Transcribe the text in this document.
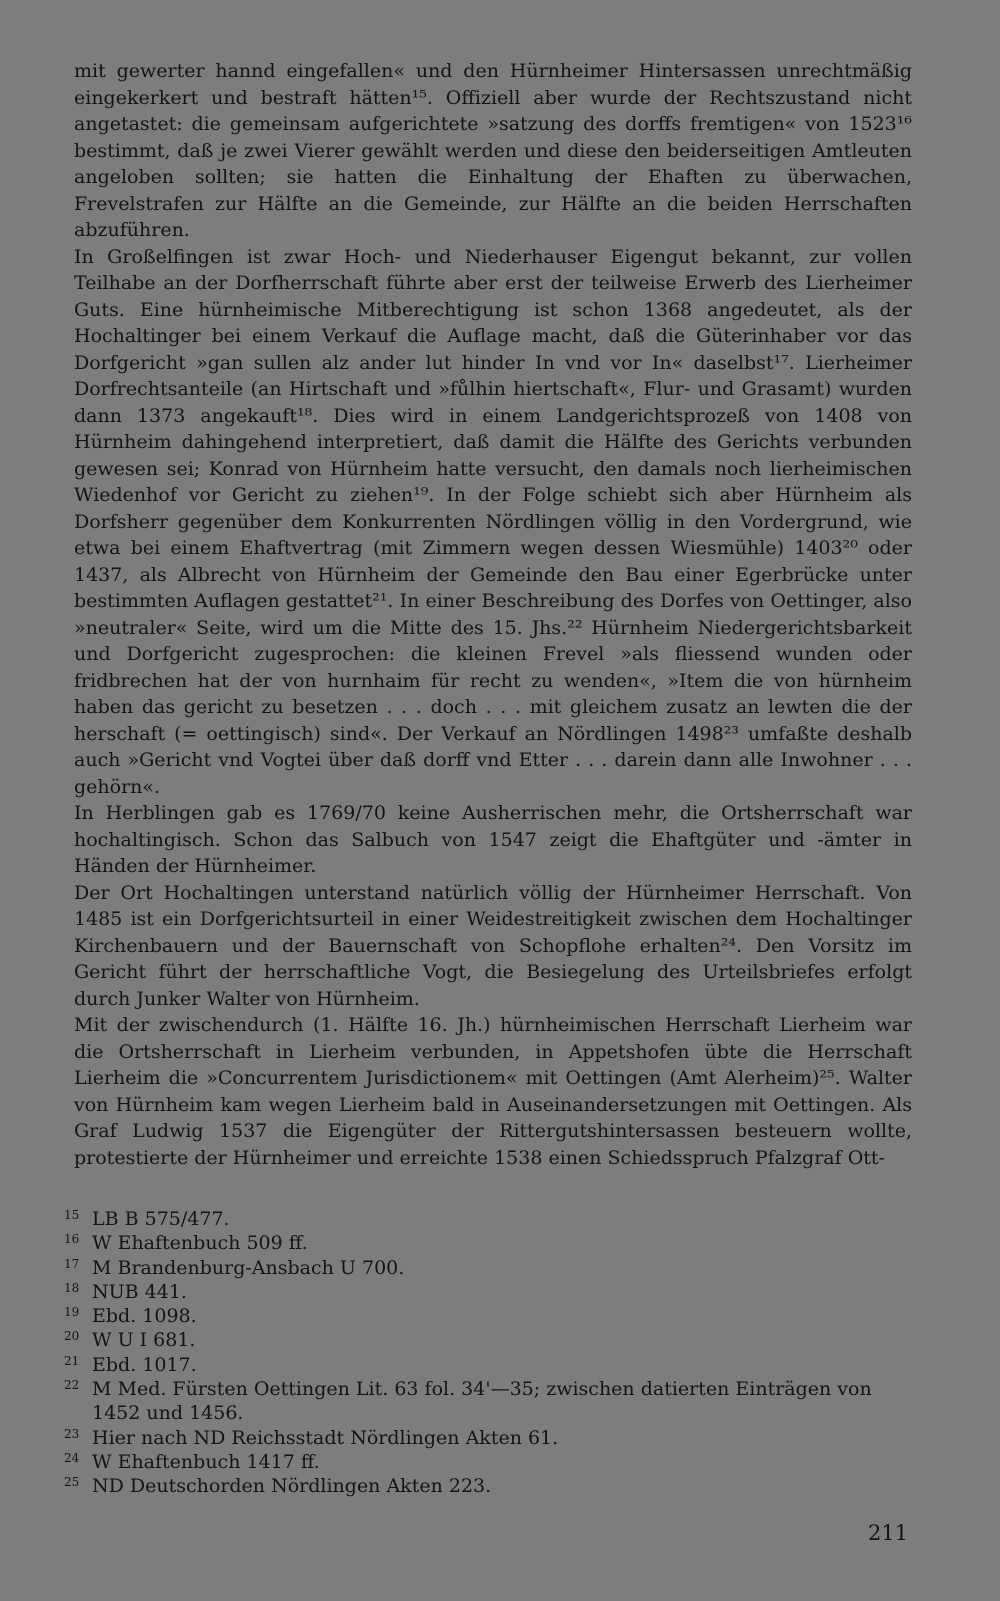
mit gewerter hannd eingefallen« und den Hürnheimer Hintersassen unrechtmäßig eingekerkert und bestraft hätten¹⁵. Offiziell aber wurde der Rechtszustand nicht angetastet: die gemeinsam aufgerichtete »satzung des dorffs fremtigen« von 1523¹⁶ bestimmt, daß je zwei Vierer gewählt werden und diese den beiderseitigen Amtleuten angeloben sollten; sie hatten die Einhaltung der Ehaften zu überwachen, Frevelstrafen zur Hälfte an die Gemeinde, zur Hälfte an die beiden Herrschaften abzuführen.

In Großelfingen ist zwar Hoch- und Niederhauser Eigengut bekannt, zur vollen Teilhabe an der Dorfherrschaft führte aber erst der teilweise Erwerb des Lierheimer Guts. Eine hürnheimische Mitberechtigung ist schon 1368 angedeutet, als der Hochaltinger bei einem Verkauf die Auflage macht, daß die Güterinhaber vor das Dorfgericht »gan sullen alz ander lut hinder In vnd vor In« daselbst¹⁷. Lierheimer Dorfrechtsanteile (an Hirtschaft und »fůlhin hiertschaft«, Flur- und Grasamt) wurden dann 1373 angekauft¹⁸. Dies wird in einem Landgerichtsprozeß von 1408 von Hürnheim dahingehend interpretiert, daß damit die Hälfte des Gerichts verbunden gewesen sei; Konrad von Hürnheim hatte versucht, den damals noch lierheimischen Wiedenhof vor Gericht zu ziehen¹⁹. In der Folge schiebt sich aber Hürnheim als Dorfsherr gegenüber dem Konkurrenten Nördlingen völlig in den Vordergrund, wie etwa bei einem Ehaftvertrag (mit Zimmern wegen dessen Wiesmühle) 1403²⁰ oder 1437, als Albrecht von Hürnheim der Gemeinde den Bau einer Egerbrücke unter bestimmten Auflagen gestattet²¹. In einer Beschreibung des Dorfes von Oettinger, also »neutraler« Seite, wird um die Mitte des 15. Jhs.²² Hürnheim Niedergerichtsbarkeit und Dorfgericht zugesprochen: die kleinen Frevel »als fliessend wunden oder fridbrechen hat der von hurnhaim für recht zu wenden«, »Item die von hürnheim haben das gericht zu besetzen . . . doch . . . mit gleichem zusatz an lewten die der herschaft (= oettingisch) sind«. Der Verkauf an Nördlingen 1498²³ umfaßte deshalb auch »Gericht vnd Vogtei über daß dorff vnd Etter . . . darein dann alle Inwohner . . . gehörn«.

In Herblingen gab es 1769/70 keine Ausherrischen mehr, die Ortsherrschaft war hochaltingisch. Schon das Salbuch von 1547 zeigt die Ehaftgüter und -ämter in Händen der Hürnheimer.

Der Ort Hochaltingen unterstand natürlich völlig der Hürnheimer Herrschaft. Von 1485 ist ein Dorfgerichtsurteil in einer Weidestreitigkeit zwischen dem Hochaltinger Kirchenbauern und der Bauernschaft von Schopflohe erhalten²⁴. Den Vorsitz im Gericht führt der herrschaftliche Vogt, die Besiegelung des Urteilsbriefes erfolgt durch Junker Walter von Hürnheim.

Mit der zwischendurch (1. Hälfte 16. Jh.) hürnheimischen Herrschaft Lierheim war die Ortsherrschaft in Lierheim verbunden, in Appetshofen übte die Herrschaft Lierheim die »Concurrentem Jurisdictionem« mit Oettingen (Amt Alerheim)²⁵. Walter von Hürnheim kam wegen Lierheim bald in Auseinandersetzungen mit Oettingen. Als Graf Ludwig 1537 die Eigengüter der Rittergutshintersassen besteuern wollte, protestierte der Hürnheimer und erreichte 1538 einen Schiedsspruch Pfalzgraf Ott-

15 LB B 575/477.

16 W Ehaftenbuch 509 ff.

17 M Brandenburg-Ansbach U 700.

18 NUB 441.

19 Ebd. 1098.

20 W U I 681.

21 Ebd. 1017.

22 M Med. Fürsten Oettingen Lit. 63 fol. 34'—35; zwischen datierten Einträgen von 1452 und 1456.

23 Hier nach ND Reichsstadt Nördlingen Akten 61.

24 W Ehaftenbuch 1417 ff.

25 ND Deutschorden Nördlingen Akten 223.

211
